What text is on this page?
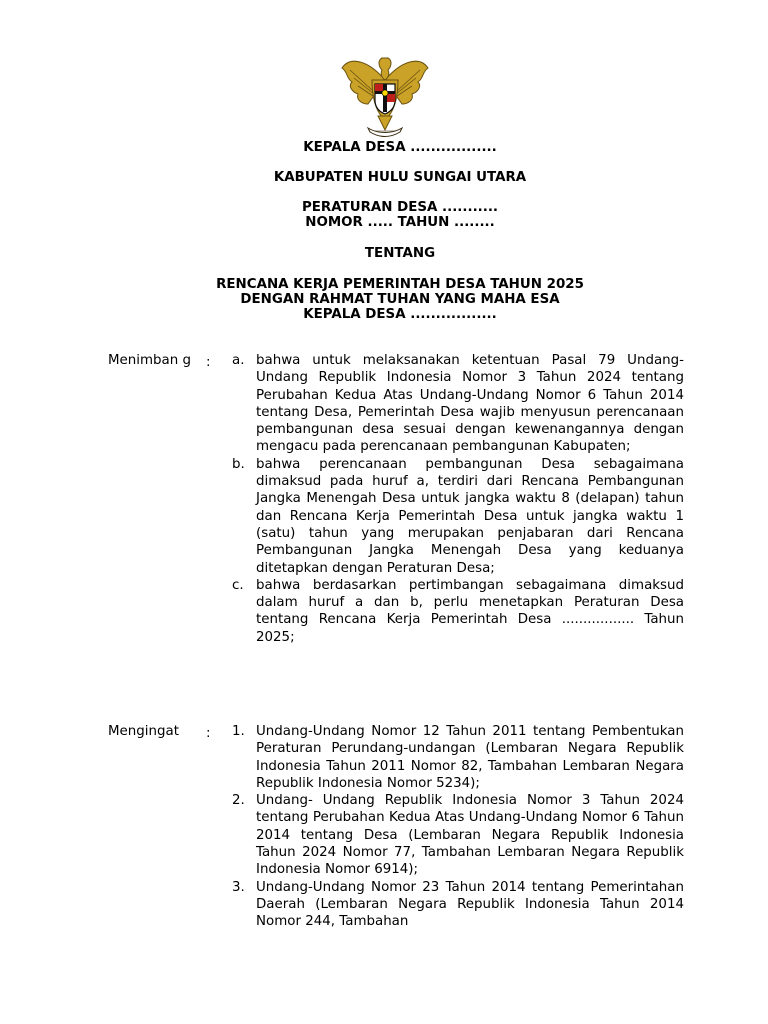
KEPALA DESA .................
KABUPATEN HULU SUNGAI UTARA
PERATURAN DESA ...........
NOMOR ..... TAHUN ........
TENTANG
RENCANA KERJA PEMERINTAH DESA TAHUN 2025
DENGAN RAHMAT TUHAN YANG MAHA ESA
KEPALA DESA .................
Menimban g : a. bahwa untuk melaksanakan ketentuan Pasal 79 Undang- Undang Republik Indonesia Nomor 3 Tahun 2024 tentang Perubahan Kedua Atas Undang-Undang Nomor 6 Tahun 2014 tentang Desa, Pemerintah Desa wajib menyusun perencanaan pembangunan desa sesuai dengan kewenangannya dengan mengacu pada perencanaan pembangunan Kabupaten;
b. bahwa perencanaan pembangunan Desa sebagaimana dimaksud pada huruf a, terdiri dari Rencana Pembangunan Jangka Menengah Desa untuk jangka waktu 8 (delapan) tahun dan Rencana Kerja Pemerintah Desa untuk jangka waktu 1 (satu) tahun yang merupakan penjabaran dari Rencana Pembangunan Jangka Menengah Desa yang keduanya ditetapkan dengan Peraturan Desa;
c. bahwa berdasarkan pertimbangan sebagaimana dimaksud dalam huruf a dan b, perlu menetapkan Peraturan Desa tentang Rencana Kerja Pemerintah Desa ................. Tahun 2025;
Mengingat	: 1. Undang-Undang Nomor 12 Tahun 2011 tentang Pembentukan Peraturan Perundang-undangan (Lembaran Negara Republik Indonesia Tahun 2011 Nomor 82, Tambahan Lembaran Negara Republik Indonesia Nomor 5234);
2. Undang- Undang Republik Indonesia Nomor 3 Tahun 2024 tentang Perubahan Kedua Atas Undang-Undang Nomor 6 Tahun 2014 tentang Desa (Lembaran Negara Republik Indonesia Tahun 2024 Nomor 77, Tambahan Lembaran Negara Republik Indonesia Nomor 6914);
3. Undang-Undang Nomor 23 Tahun 2014 tentang Pemerintahan Daerah (Lembaran Negara Republik Indonesia Tahun 2014 Nomor 244, Tambahan
